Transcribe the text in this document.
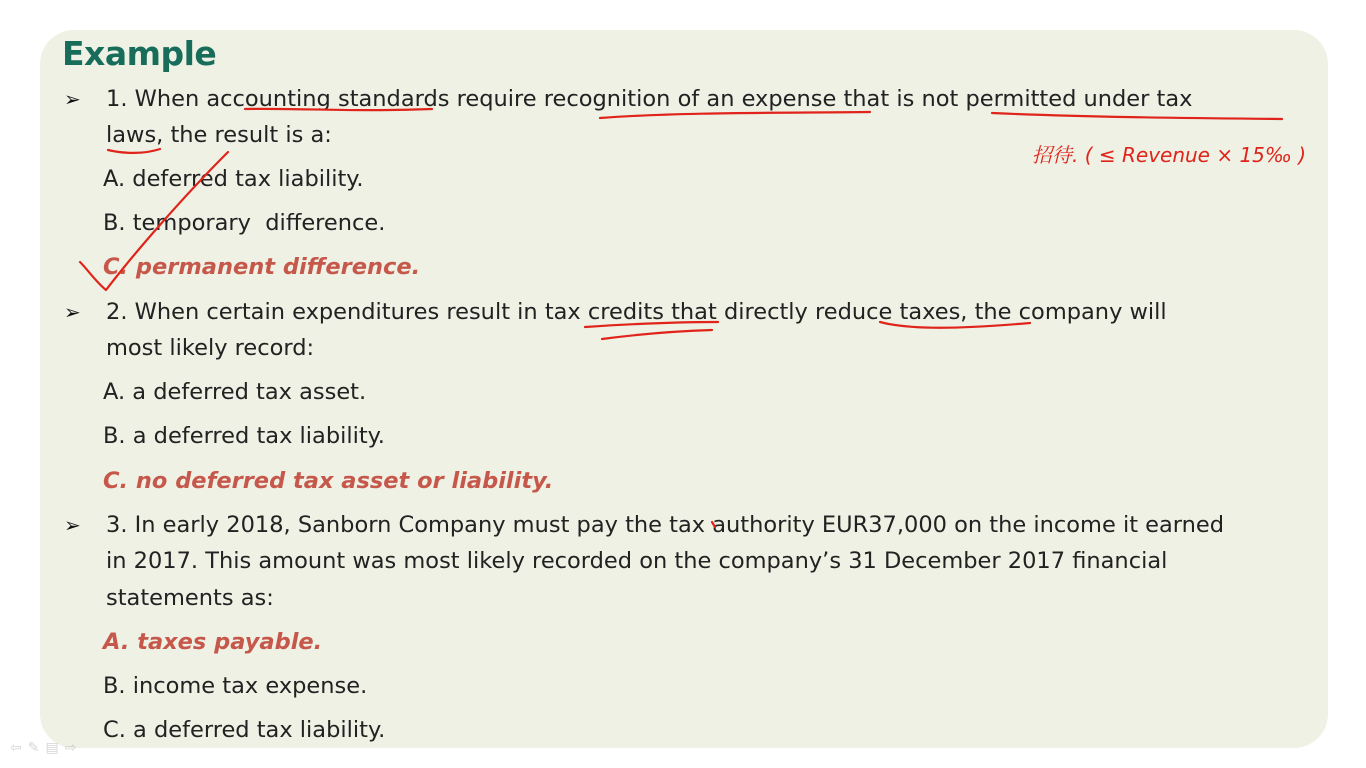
Example
➢ 1. When accounting standards require recognition of an expense that is not permitted under tax
laws, the result is a:
A. deferred tax liability.
B. temporary  difference.
C. permanent difference.
➢ 2. When certain expenditures result in tax credits that directly reduce taxes, the company will
most likely record:
A. a deferred tax asset.
B. a deferred tax liability.
C. no deferred tax asset or liability.
➢ 3. In early 2018, Sanborn Company must pay the tax authority EUR37,000 on the income it earned
in 2017. This amount was most likely recorded on the company’s 31 December 2017 financial
statements as:
A. taxes payable.
B. income tax expense.
C. a deferred tax liability.
招待. ( ≤ Revenue × 15‰ )
⇦ ✎ ▤ ⇨
